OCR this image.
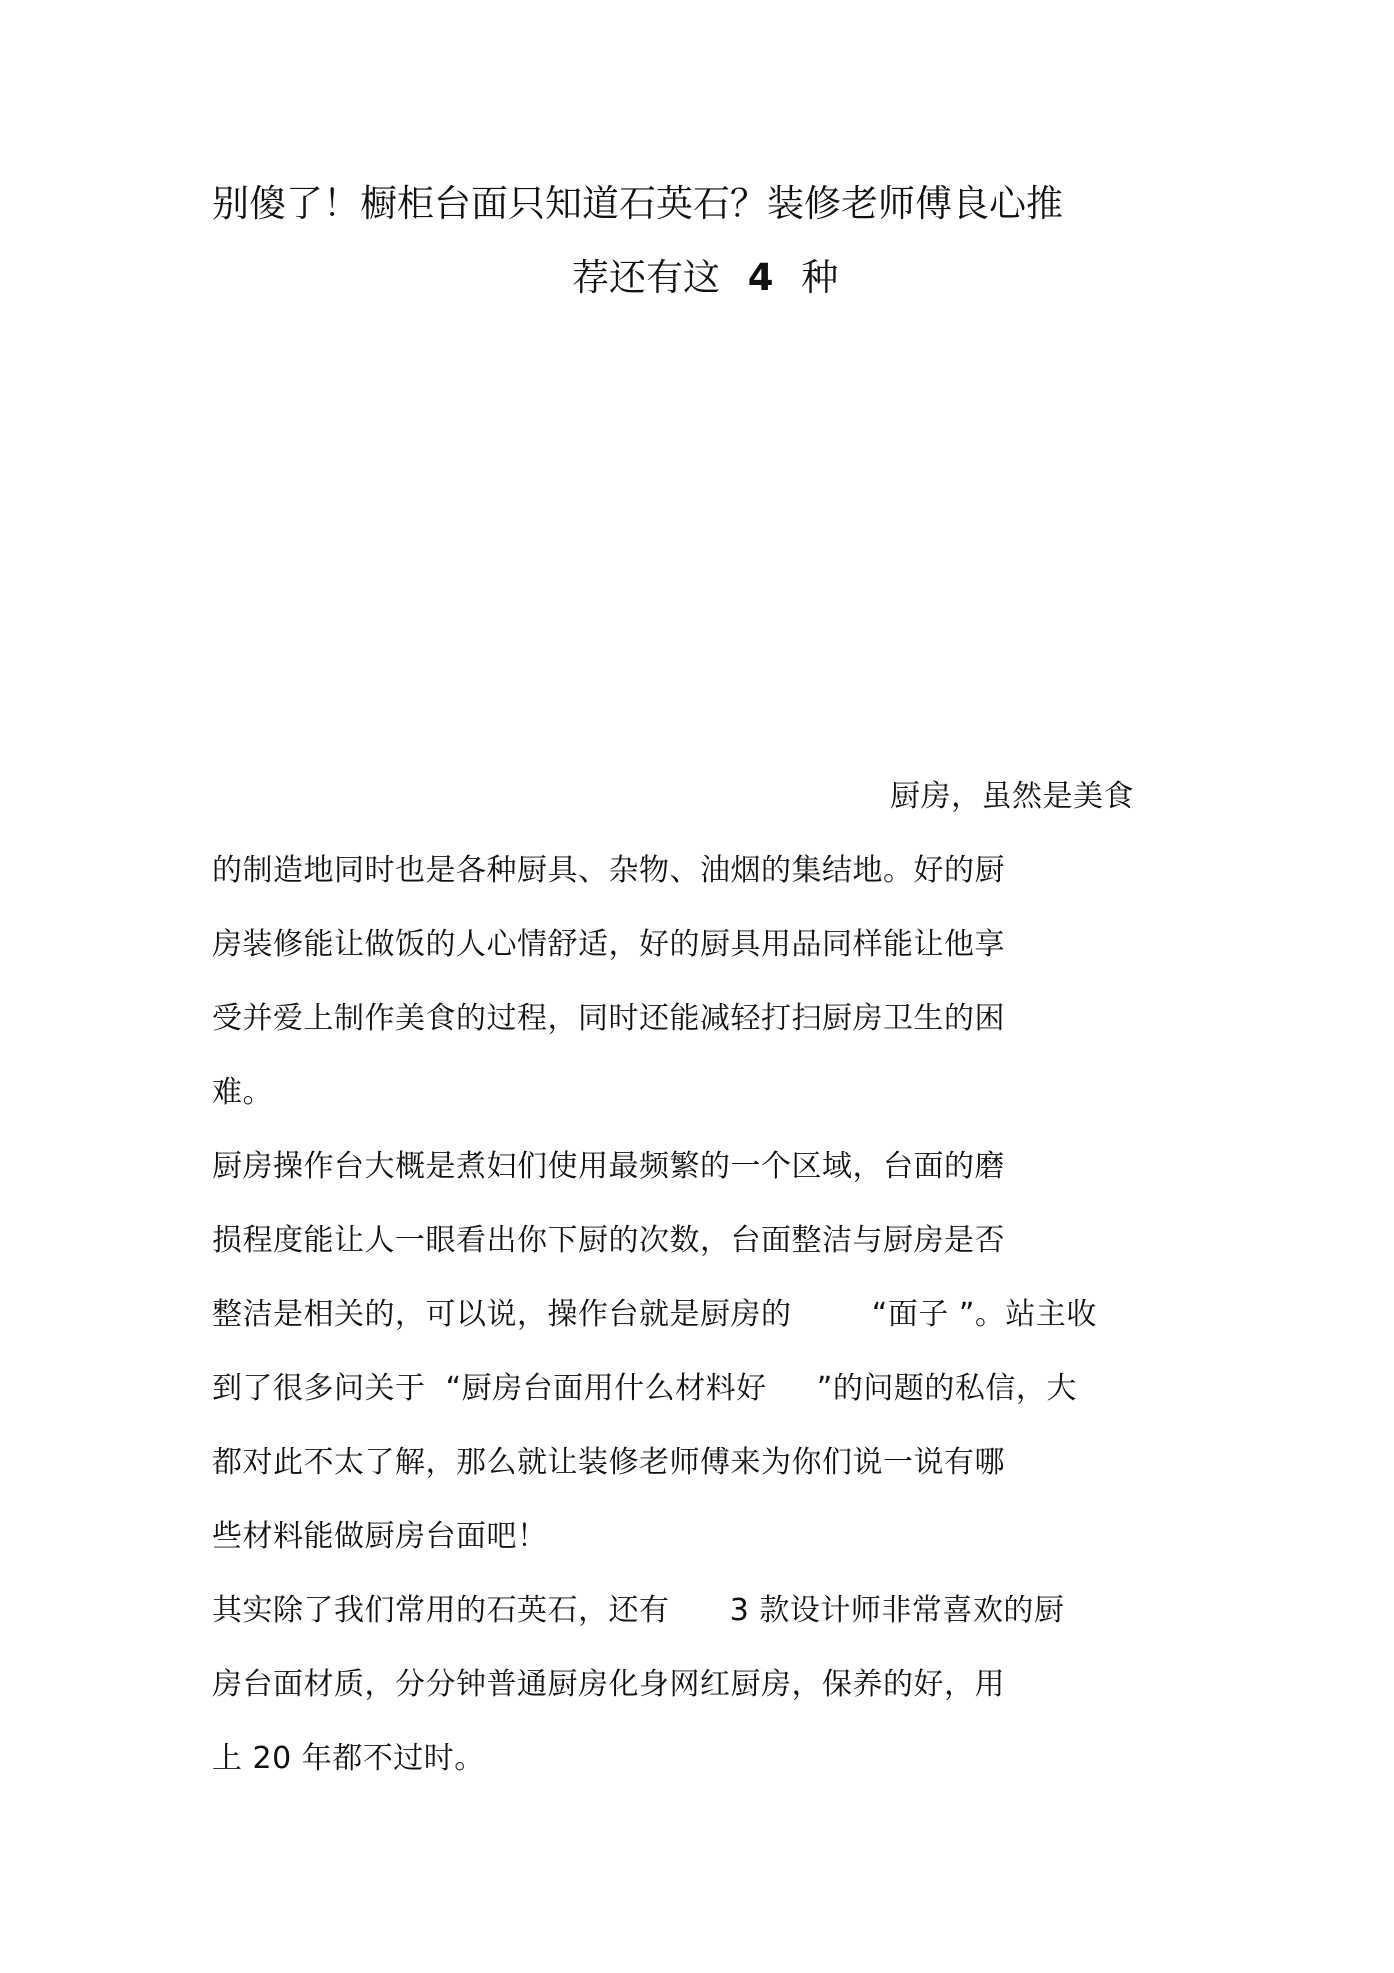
别傻了！橱柜台面只知道石英石？装修老师傅良心推
荐还有这 4 种
厨房，虽然是美食
的制造地同时也是各种厨具、杂物、油烟的集结地。好的厨
房装修能让做饭的人心情舒适，好的厨具用品同样能让他享
受并爱上制作美食的过程，同时还能减轻打扫厨房卫生的困
难。
厨房操作台大概是煮妇们使用最频繁的一个区域，台面的磨
损程度能让人一眼看出你下厨的次数，台面整洁与厨房是否
整洁是相关的，可以说，操作台就是厨房的        “面子 ”。站主收
到了很多问关于  “厨房台面用什么材料好     ”的问题的私信，大
都对此不太了解，那么就让装修老师傅来为你们说一说有哪
些材料能做厨房台面吧！
其实除了我们常用的石英石，还有      3 款设计师非常喜欢的厨
房台面材质，分分钟普通厨房化身网红厨房，保养的好，用
上 20 年都不过时。
